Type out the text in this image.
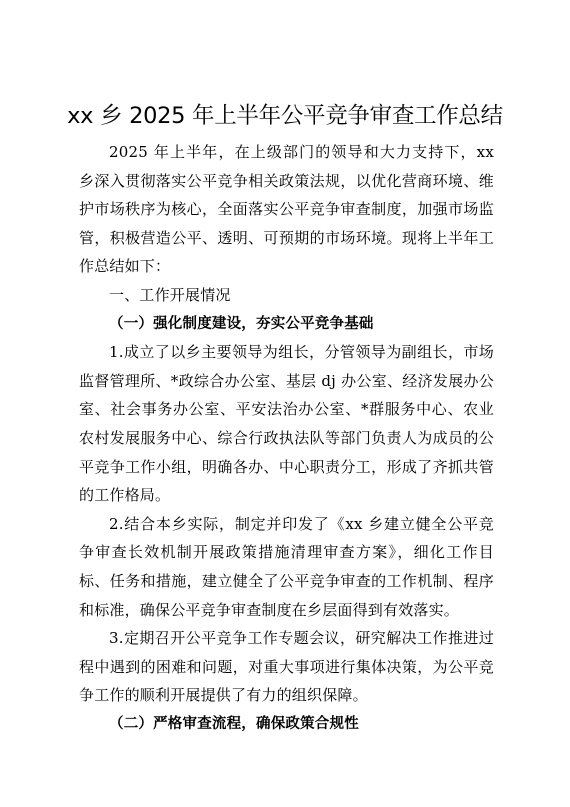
xx 乡 2025 年上半年公平竞争审查工作总结

2025 年上半年，在上级部门的领导和大力支持下，xx 乡深入贯彻落实公平竞争相关政策法规，以优化营商环境、维护市场秩序为核心，全面落实公平竞争审查制度，加强市场监管，积极营造公平、透明、可预期的市场环境。现将上半年工作总结如下：

一、工作开展情况

（一）强化制度建设，夯实公平竞争基础

1.成立了以乡主要领导为组长，分管领导为副组长，市场监督管理所、*政综合办公室、基层 dj 办公室、经济发展办公室、社会事务办公室、平安法治办公室、*群服务中心、农业农村发展服务中心、综合行政执法队等部门负责人为成员的公平竞争工作小组，明确各办、中心职责分工，形成了齐抓共管的工作格局。

2.结合本乡实际，制定并印发了《xx 乡建立健全公平竞争审查长效机制开展政策措施清理审查方案》，细化工作目标、任务和措施，建立健全了公平竞争审查的工作机制、程序和标准，确保公平竞争审查制度在乡层面得到有效落实。

3.定期召开公平竞争工作专题会议，研究解决工作推进过程中遇到的困难和问题，对重大事项进行集体决策，为公平竞争工作的顺利开展提供了有力的组织保障。

（二）严格审查流程，确保政策合规性
